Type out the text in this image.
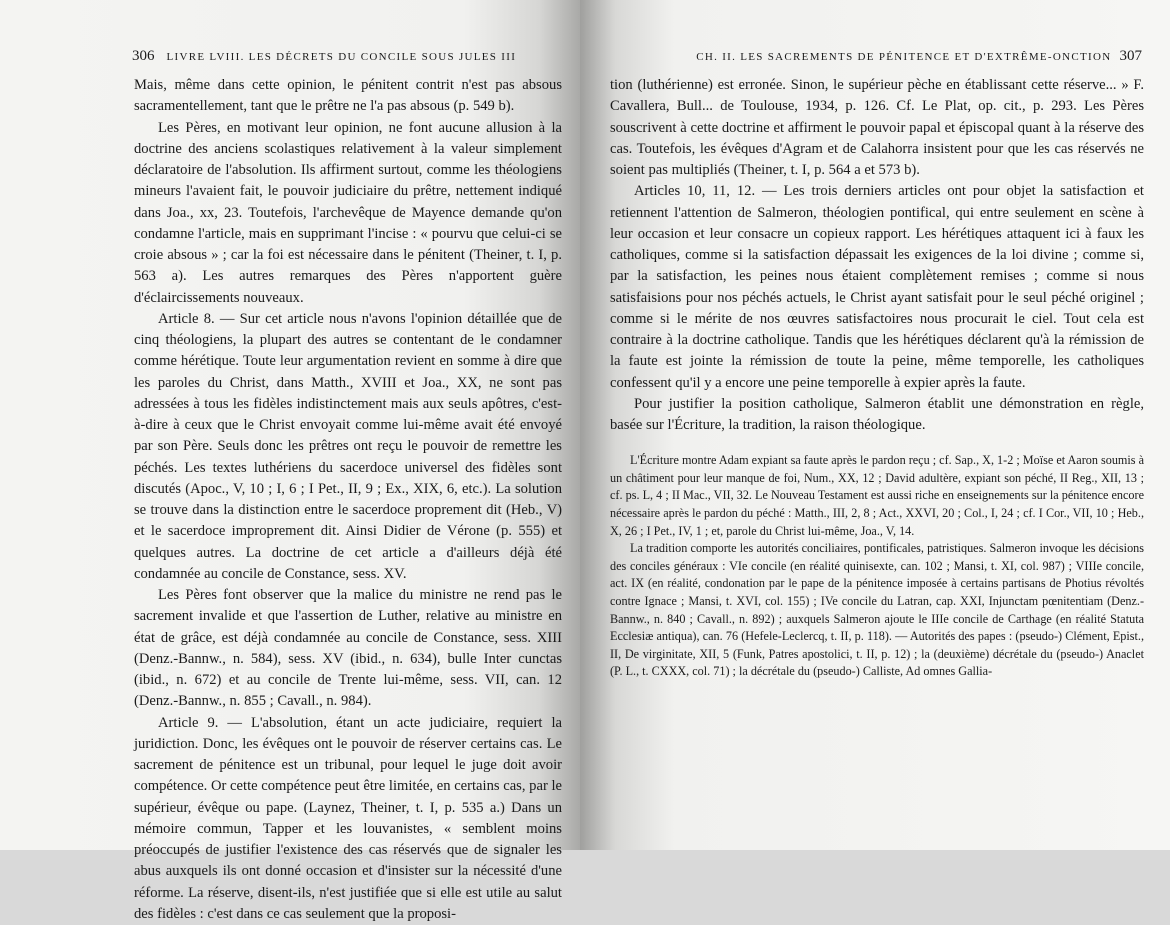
306 LIVRE LVIII. LES DÉCRETS DU CONCILE SOUS JULES III

Mais, même dans cette opinion, le pénitent contrit n'est pas absous sacramentellement, tant que le prêtre ne l'a pas absous (p. 549 b).

Les Pères, en motivant leur opinion, ne font aucune allusion à la doctrine des anciens scolastiques relativement à la valeur simplement déclaratoire de l'absolution. Ils affirment surtout, comme les théologiens mineurs l'avaient fait, le pouvoir judiciaire du prêtre, nettement indiqué dans Joa., xx, 23. Toutefois, l'archevêque de Mayence demande qu'on condamne l'article, mais en supprimant l'incise : « pourvu que celui-ci se croie absous » ; car la foi est nécessaire dans le pénitent (Theiner, t. I, p. 563 a). Les autres remarques des Pères n'apportent guère d'éclaircissements nouveaux.

Article 8. — Sur cet article nous n'avons l'opinion détaillée que de cinq théologiens, la plupart des autres se contentant de le condamner comme hérétique. Toute leur argumentation revient en somme à dire que les paroles du Christ, dans Matth., XVIII et Joa., XX, ne sont pas adressées à tous les fidèles indistinctement mais aux seuls apôtres, c'est-à-dire à ceux que le Christ envoyait comme lui-même avait été envoyé par son Père. Seuls donc les prêtres ont reçu le pouvoir de remettre les péchés. Les textes luthériens du sacerdoce universel des fidèles sont discutés (Apoc., V, 10 ; I, 6 ; I Pet., II, 9 ; Ex., XIX, 6, etc.). La solution se trouve dans la distinction entre le sacerdoce proprement dit (Heb., V) et le sacerdoce improprement dit. Ainsi Didier de Vérone (p. 555) et quelques autres. La doctrine de cet article a d'ailleurs déjà été condamnée au concile de Constance, sess. XV.

Les Pères font observer que la malice du ministre ne rend pas le sacrement invalide et que l'assertion de Luther, relative au ministre en état de grâce, est déjà condamnée au concile de Constance, sess. XIII (Denz.-Bannw., n. 584), sess. XV (ibid., n. 634), bulle Inter cunctas (ibid., n. 672) et au concile de Trente lui-même, sess. VII, can. 12 (Denz.-Bannw., n. 855 ; Cavall., n. 984).

Article 9. — L'absolution, étant un acte judiciaire, requiert la juridiction. Donc, les évêques ont le pouvoir de réserver certains cas. Le sacrement de pénitence est un tribunal, pour lequel le juge doit avoir compétence. Or cette compétence peut être limitée, en certains cas, par le supérieur, évêque ou pape. (Laynez, Theiner, t. I, p. 535 a.) Dans un mémoire commun, Tapper et les louvanistes, « semblent moins préoccupés de justifier l'existence des cas réservés que de signaler les abus auxquels ils ont donné occasion et d'insister sur la nécessité d'une réforme. La réserve, disent-ils, n'est justifiée que si elle est utile au salut des fidèles : c'est dans ce cas seulement que la proposi-

CH. II. LES SACREMENTS DE PÉNITENCE ET D'EXTRÊME-ONCTION 307

tion (luthérienne) est erronée. Sinon, le supérieur pèche en établissant cette réserve... » F. Cavallera, Bull... de Toulouse, 1934, p. 126. Cf. Le Plat, op. cit., p. 293. Les Pères souscrivent à cette doctrine et affirment le pouvoir papal et épiscopal quant à la réserve des cas. Toutefois, les évêques d'Agram et de Calahorra insistent pour que les cas réservés ne soient pas multipliés (Theiner, t. I, p. 564 a et 573 b).

Articles 10, 11, 12. — Les trois derniers articles ont pour objet la satisfaction et retiennent l'attention de Salmeron, théologien pontifical, qui entre seulement en scène à leur occasion et leur consacre un copieux rapport. Les hérétiques attaquent ici à faux les catholiques, comme si la satisfaction dépassait les exigences de la loi divine ; comme si, par la satisfaction, les peines nous étaient complètement remises ; comme si nous satisfaisions pour nos péchés actuels, le Christ ayant satisfait pour le seul péché originel ; comme si le mérite de nos œuvres satisfactoires nous procurait le ciel. Tout cela est contraire à la doctrine catholique. Tandis que les hérétiques déclarent qu'à la rémission de la faute est jointe la rémission de toute la peine, même temporelle, les catholiques confessent qu'il y a encore une peine temporelle à expier après la faute.

Pour justifier la position catholique, Salmeron établit une démonstration en règle, basée sur l'Écriture, la tradition, la raison théologique.

L'Écriture montre Adam expiant sa faute après le pardon reçu ; cf. Sap., X, 1-2 ; Moïse et Aaron soumis à un châtiment pour leur manque de foi, Num., XX, 12 ; David adultère, expiant son péché, II Reg., XII, 13 ; cf. ps. L, 4 ; II Mac., VII, 32. Le Nouveau Testament est aussi riche en enseignements sur la pénitence encore nécessaire après le pardon du péché : Matth., III, 2, 8 ; Act., XXVI, 20 ; Col., I, 24 ; cf. I Cor., VII, 10 ; Heb., X, 26 ; I Pet., IV, 1 ; et, parole du Christ lui-même, Joa., V, 14.

La tradition comporte les autorités conciliaires, pontificales, patristiques. Salmeron invoque les décisions des conciles généraux : VIe concile (en réalité quinisexte, can. 102 ; Mansi, t. XI, col. 987) ; VIIIe concile, act. IX (en réalité, condonation par le pape de la pénitence imposée à certains partisans de Photius révoltés contre Ignace ; Mansi, t. XVI, col. 155) ; IVe concile du Latran, cap. XXI, Injunctam pœnitentiam (Denz.-Bannw., n. 840 ; Cavall., n. 892) ; auxquels Salmeron ajoute le IIIe concile de Carthage (en réalité Statuta Ecclesiæ antiqua), can. 76 (Hefele-Leclercq, t. II, p. 118). — Autorités des papes : (pseudo-) Clément, Epist., II, De virginitate, XII, 5 (Funk, Patres apostolici, t. II, p. 12) ; la (deuxième) décrétale du (pseudo-) Anaclet (P. L., t. CXXX, col. 71) ; la décrétale du (pseudo-) Calliste, Ad omnes Gallia-
